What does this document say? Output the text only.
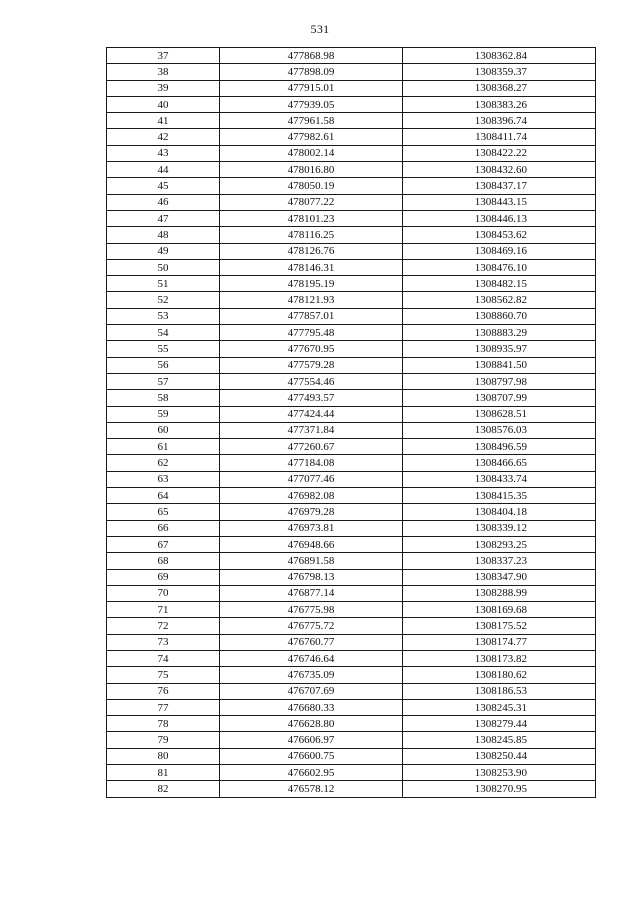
531
37	477868.98	1308362.84
38	477898.09	1308359.37
39	477915.01	1308368.27
40	477939.05	1308383.26
41	477961.58	1308396.74
42	477982.61	1308411.74
43	478002.14	1308422.22
44	478016.80	1308432.60
45	478050.19	1308437.17
46	478077.22	1308443.15
47	478101.23	1308446.13
48	478116.25	1308453.62
49	478126.76	1308469.16
50	478146.31	1308476.10
51	478195.19	1308482.15
52	478121.93	1308562.82
53	477857.01	1308860.70
54	477795.48	1308883.29
55	477670.95	1308935.97
56	477579.28	1308841.50
57	477554.46	1308797.98
58	477493.57	1308707.99
59	477424.44	1308628.51
60	477371.84	1308576.03
61	477260.67	1308496.59
62	477184.08	1308466.65
63	477077.46	1308433.74
64	476982.08	1308415.35
65	476979.28	1308404.18
66	476973.81	1308339.12
67	476948.66	1308293.25
68	476891.58	1308337.23
69	476798.13	1308347.90
70	476877.14	1308288.99
71	476775.98	1308169.68
72	476775.72	1308175.52
73	476760.77	1308174.77
74	476746.64	1308173.82
75	476735.09	1308180.62
76	476707.69	1308186.53
77	476680.33	1308245.31
78	476628.80	1308279.44
79	476606.97	1308245.85
80	476600.75	1308250.44
81	476602.95	1308253.90
82	476578.12	1308270.95
